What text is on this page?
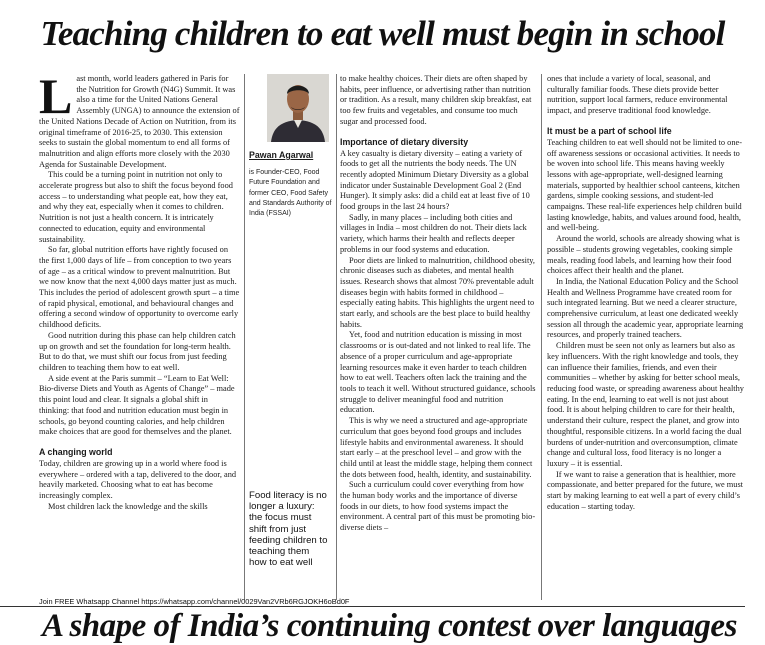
Teaching children to eat well must begin in school

Last month, world leaders gathered in Paris for the Nutrition for Growth (N4G) Summit. It was also a time for the United Nations General Assembly (UNGA) to announce the extension of the United Nations Decade of Action on Nutrition, from its original timeframe of 2016-25, to 2030. This extension seeks to sustain the global momentum to end all forms of malnutrition and align efforts more closely with the 2030 Agenda for Sustainable Development.

This could be a turning point in nutrition not only to accelerate progress but also to shift the focus beyond food access – to understanding what people eat, how they eat, and why they eat, especially when it comes to children. Nutrition is not just a health concern. It is intricately connected to education, equity and environmental sustainability.

So far, global nutrition efforts have rightly focused on the first 1,000 days of life – from conception to two years of age – as a critical window to prevent malnutrition. But we now know that the next 4,000 days matter just as much. This includes the period of adolescent growth spurt – a time of rapid physical, emotional, and behavioural changes and offering a second window of opportunity to overcome early childhood deficits.

Good nutrition during this phase can help children catch up on growth and set the foundation for long-term health. But to do that, we must shift our focus from just feeding children to teaching them how to eat well.

A side event at the Paris summit – “Learn to Eat Well: Bio-diverse Diets and Youth as Agents of Change” – made this point loud and clear. It signals a global shift in thinking: that food and nutrition education must begin in schools, go beyond counting calories, and help children make choices that are good for themselves and the planet.

A changing world

Today, children are growing up in a world where food is everywhere – ordered with a tap, delivered to the door, and heavily marketed. Choosing what to eat has become increasingly complex.

Most children lack the knowledge and the skills

Pawan Agarwal
is Founder-CEO, Food Future Foundation and former CEO, Food Safety and Standards Authority of India (FSSAI)
Food literacy is no longer a luxury: the focus must shift from just feeding children to teaching them how to eat well

to make healthy choices. Their diets are often shaped by habits, peer influence, or advertising rather than nutrition or tradition. As a result, many children skip breakfast, eat too few fruits and vegetables, and consume too much sugar and processed food.

Importance of dietary diversity

A key casualty is dietary diversity – eating a variety of foods to get all the nutrients the body needs. The UN recently adopted Minimum Dietary Diversity as a global indicator under Sustainable Development Goal 2 (End Hunger). It simply asks: did a child eat at least five of 10 food groups in the last 24 hours?

Sadly, in many places – including both cities and villages in India – most children do not. Their diets lack variety, which harms their health and reflects deeper problems in our food systems and education.

Poor diets are linked to malnutrition, childhood obesity, chronic diseases such as diabetes, and mental health issues. Research shows that almost 70% preventable adult diseases begin with habits formed in childhood – especially eating habits. This highlights the urgent need to start early, and schools are the best place to build healthy habits.

Yet, food and nutrition education is missing in most classrooms or is out-dated and not linked to real life. The absence of a proper curriculum and age-appropriate learning resources make it even harder to teach children how to eat well. Teachers often lack the training and the tools to teach it well. Without structured guidance, schools struggle to deliver meaningful food and nutrition education.

This is why we need a structured and age-appropriate curriculum that goes beyond food groups and includes lifestyle habits and environmental awareness. It should start early – at the preschool level – and grow with the child until at least the middle stage, helping them connect the dots between food, health, identity, and sustainability.

Such a curriculum could cover everything from how the human body works and the importance of diverse foods in our diets, to how food systems impact the environment. A central part of this must be promoting bio-diverse diets –

ones that include a variety of local, seasonal, and culturally familiar foods. These diets provide better nutrition, support local farmers, reduce environmental impact, and preserve traditional food knowledge.

It must be a part of school life

Teaching children to eat well should not be limited to one-off awareness sessions or occasional activities. It needs to be woven into school life. This means having weekly lessons with age-appropriate, well-designed learning materials, supported by healthier school canteens, kitchen gardens, simple cooking sessions, and student-led campaigns. These real-life experiences help children build lasting knowledge, habits, and values around food, health, and well-being.

Around the world, schools are already showing what is possible – students growing vegetables, cooking simple meals, reading food labels, and learning how their food choices affect their health and the planet.

In India, the National Education Policy and the School Health and Wellness Programme have created room for such integrated learning. But we need a clearer structure, comprehensive curriculum, at least one dedicated weekly session all through the academic year, appropriate learning resources, and properly trained teachers.

Children must be seen not only as learners but also as key influencers. With the right knowledge and tools, they can influence their families, friends, and even their communities – whether by asking for better school meals, reducing food waste, or spreading awareness about healthy eating. In the end, learning to eat well is not just about food. It is about helping children to care for their health, understand their culture, respect the planet, and grow into thoughtful, responsible citizens. In a world facing the dual burdens of under-nutrition and overconsumption, climate change and cultural loss, food literacy is no longer a luxury – it is essential.

If we want to raise a generation that is healthier, more compassionate, and better prepared for the future, we must start by making learning to eat well a part of every child’s education – starting today.

Join FREE Whatsapp Channel https://whatsapp.com/channel/0029Van2VRb6RGJOKH6oBd0F
A shape of India’s continuing contest over languages
